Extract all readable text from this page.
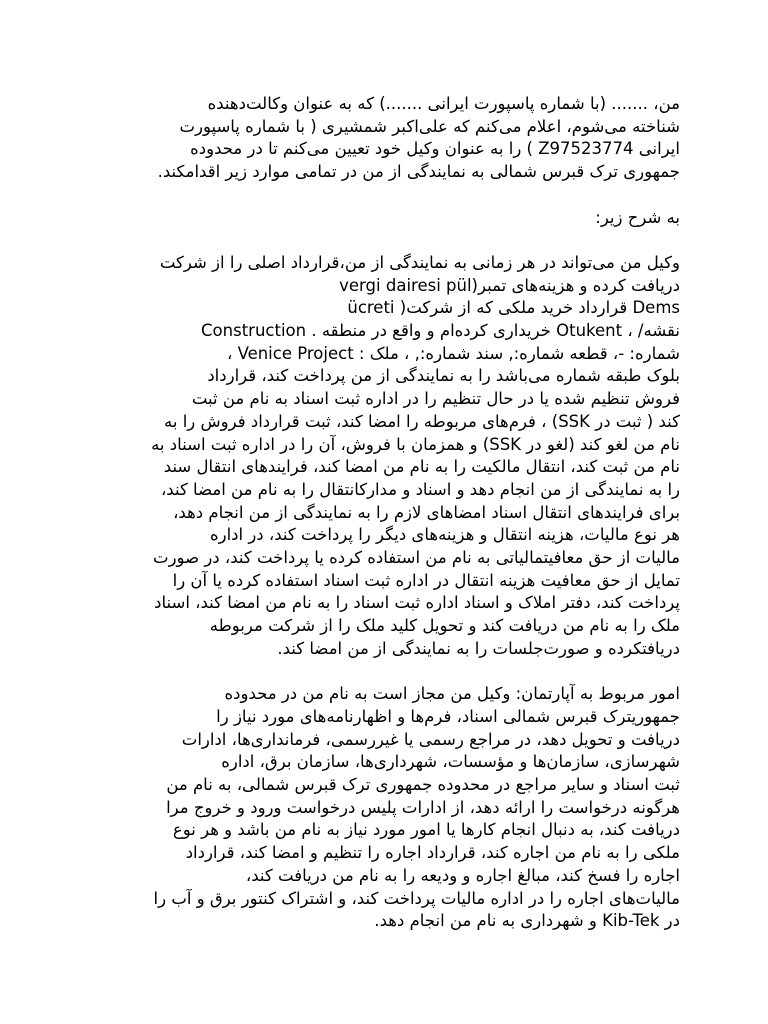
من، ....... (با شماره پاسپورت ایرانی .......) که به عنوان وکالت‌دهنده
شناخته می‌شوم، اعلام می‌کنم که علی‌اکبر شمشیری ( با شماره پاسپورت
ایرانی Z97523774 ) را به عنوان وکیل خود تعیین می‌کنم تا در محدوده
جمهوری ترک قبرس شمالی به نمایندگی از من در تمامی موارد زیر اقدامکند.
به شرح زیر:
وکیل من می‌تواند در هر زمانی به نمایندگی از من،قرارداد اصلی را از شرکت
دریافت کرده و هزینه‌های تمبر(vergi dairesi pül
ücreti )قرارداد خرید ملکی که از شرکت Dems
Construction . خریداری کرده‌ام و واقع در منطقه Otukent ، /نقشه
شماره: -، قطعه شماره:, سند شماره:, ، ملک : Venice Project ،
بلوک طبقه شماره می‌باشد را به نمایندگی از من پرداخت کند، قرارداد
فروش تنظیم شده یا در حال تنظیم را در اداره ثبت اسناد به نام من ثبت
کند ( ثبت در SSK) ، فرم‌های مربوطه را امضا کند، ثبت قرارداد فروش را به
نام من لغو کند (لغو در SSK) و همزمان با فروش، آن را در اداره ثبت اسناد به
نام من ثبت کند، انتقال مالکیت را به نام من امضا کند، فرایندهای انتقال سند
را به نمایندگی از من انجام دهد و اسناد و مدارکانتقال را به نام من امضا کند،
برای فرایندهای انتقال اسناد امضاهای لازم را به نمایندگی از من انجام دهد،
هر نوع مالیات، هزینه انتقال و هزینه‌های دیگر را پرداخت کند، در اداره
مالیات از حق معافیتمالیاتی به نام من استفاده کرده یا پرداخت کند، در صورت
تمایل از حق معافیت هزینه انتقال در اداره ثبت اسناد استفاده کرده یا آن را
پرداخت کند، دفتر املاک و اسناد اداره ثبت اسناد را به نام من امضا کند، اسناد
ملک را به نام من دریافت کند و تحویل کلید ملک را از شرکت مربوطه
دریافتکرده و صورت‌جلسات را به نمایندگی از من امضا کند.
امور مربوط به آپارتمان: وکیل من مجاز است به نام من در محدوده
جمهوریترک قبرس شمالی اسناد، فرم‌ها و اظهارنامه‌های مورد نیاز را
دریافت و تحویل دهد، در مراجع رسمی یا غیررسمی، فرمانداری‌ها، ادارات
شهرسازی، سازمان‌ها و مؤسسات، شهرداری‌ها، سازمان برق، اداره
ثبت اسناد و سایر مراجع در محدوده جمهوری ترک قبرس شمالی، به نام من
هرگونه درخواست را ارائه دهد، از ادارات پلیس درخواست ورود و خروج مرا
دریافت کند، به دنبال انجام کارها یا امور مورد نیاز به نام من باشد و هر نوع
ملکی را به نام من اجاره کند، قرارداد اجاره را تنظیم و امضا کند، قرارداد
اجاره را فسخ کند، مبالغ اجاره و ودیعه را به نام من دریافت کند،
مالیات‌های اجاره را در اداره مالیات پرداخت کند، و اشتراک کنتور برق و آب را
در Kib-Tek و شهرداری به نام من انجام دهد.
